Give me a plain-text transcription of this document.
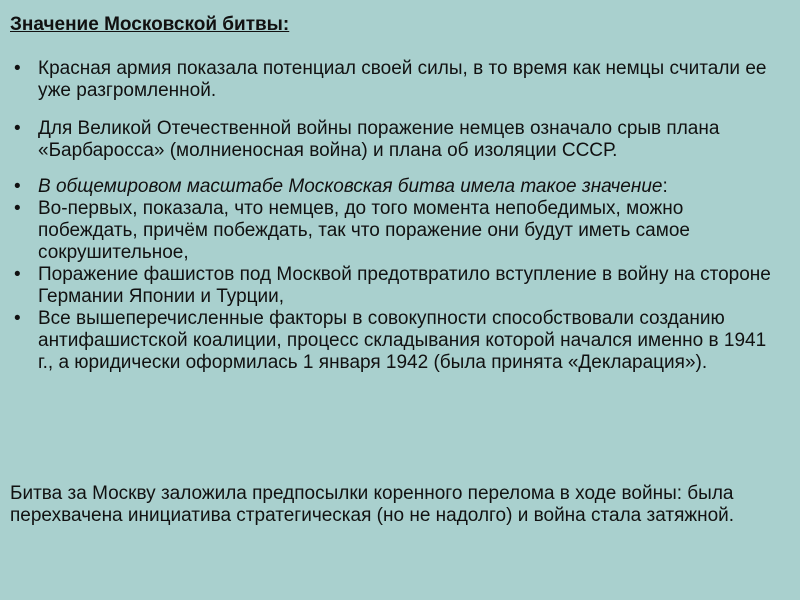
Значение Московской битвы:
• Красная армия показала потенциал своей силы, в то время как немцы считали ее уже разгромленной.
• Для Великой Отечественной войны поражение немцев означало срыв плана «Барбаросса» (молниеносная война) и плана об изоляции СССР.
• В общемировом масштабе Московская битва имела такое значение:
• Во-первых, показала, что немцев, до того момента непобедимых, можно побеждать, причём побеждать, так что поражение они будут иметь самое сокрушительное,
• Поражение фашистов под Москвой предотвратило вступление в войну на стороне Германии Японии и Турции,
• Все вышеперечисленные факторы в совокупности способствовали созданию антифашистской коалиции, процесс складывания которой начался именно в 1941 г., а юридически оформилась 1 января 1942 (была принята «Декларация»).

Битва за Москву заложила предпосылки коренного перелома в ходе войны: была перехвачена инициатива стратегическая (но не надолго) и война стала затяжной.
